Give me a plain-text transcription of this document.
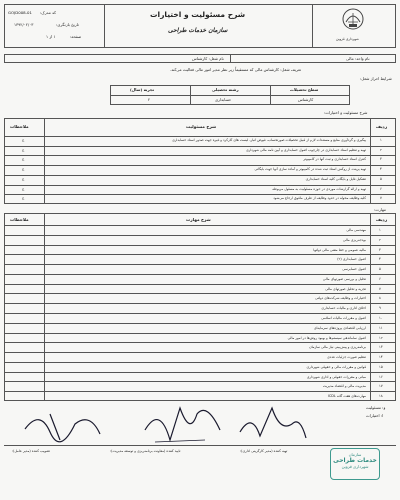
کد مدرک:
GOJD008-01
تاریخ بازنگری:
۱۳۹۲/۰۲/۰۳
صفحه:
۱ از ۱
شرح مسئولیت و اختیارات
سازمان خدمات طراحی
شهرداری قزوین
نام واحد: مالی
نام شغل: کارشناس
تعریف شغل: کارشناس مالی که مستقیماً زیر نظر مدیر امور مالی فعالیت می‌کند.
شرایط احراز شغل:
سطح تحصیلات
رشته تحصیلی
تجربه (سال)
کارشناس
حسابداری
۲
شرح مسئولیت و اختیارات:
ردیف
شرح مسئولیت
ملاحظات
۱
پیگیری و گردآوری منابع و مستندات لازم از قبیل تحصیلات صورتحساب، فیوض انبار، لیست های کارکرد و غیره جهت صدور اسناد حسابداری
ج
۲
تهیه و تنظیم اسناد حسابداری در چارچوب اصول حسابداری و آیین نامه مالی شهرداری
ج
۳
کنترل اسناد حسابداری و ثبت آنها در کامپیوتر
ج
۴
تهیه پرینت از روکش اسناد ثبت شده در کامپیوتر و آماده سازی آنها جهت بایگانی
ج
۵
تشکیل فایل و بایگانی کلیه اسناد حسابداری
ج
۶
تهیه و ارائه گزارشات موردی در حوزه مسئولیت به مسئول مربوطه
ج
۷
کلیه وظایف محوله در حدود وظایف از طرف مافوق ارجاع می‌شود
ج
مهارت:
ردیف
شرح مهارت
ملاحظات
۱
مهندسی مالی
۲
بودجه‌ریزی مالی
۳
مالیه عمومی و خط مشی مالی دولتها
۴
اصول حسابداری (۲)
۵
اصول حسابرسی
۶
تحلیل و بررسی صورتهای مالی
۷
تجزیه و تحلیل صورتهای مالی
۸
اختیارات و وظایف شرکت‌های دولتی
۹
اخلاق اداری و مالیات حسابداری
۱۰
اصول و مقررات مالیات اسلامی
۱۱
ارزیابی اقتصادی پروژه‌های سرمایه‌ای
۱۲
اصول ساماندهی سیستم‌ها و بهبود روش‌ها در امور مالی
۱۳
برنامه‌ریزی و پیش‌بینی نیاز مالی سازمان
۱۴
تنظیم صورت جزئیات عددی
۱۵
قوانین و مقررات مالی و حقوقی شهرداری
۱۶
مبانی و مقررات حقوقی و اداری شهرداری
۱۷
مدیریت مالی و اقتصاد مدیریت
۱۸
مهارت‌های هفت گانه ICDL
و: مسئولیت
ا: اختیارات
تصویب کننده (مدیر عامل):	تایید کننده (معاونت برنامه‌ریزی و توسعه مدیریت):	تهیه کننده (مدیر کارگزینی اداری):
سازمان
خدمات طراحی
شهرداری قزوین
